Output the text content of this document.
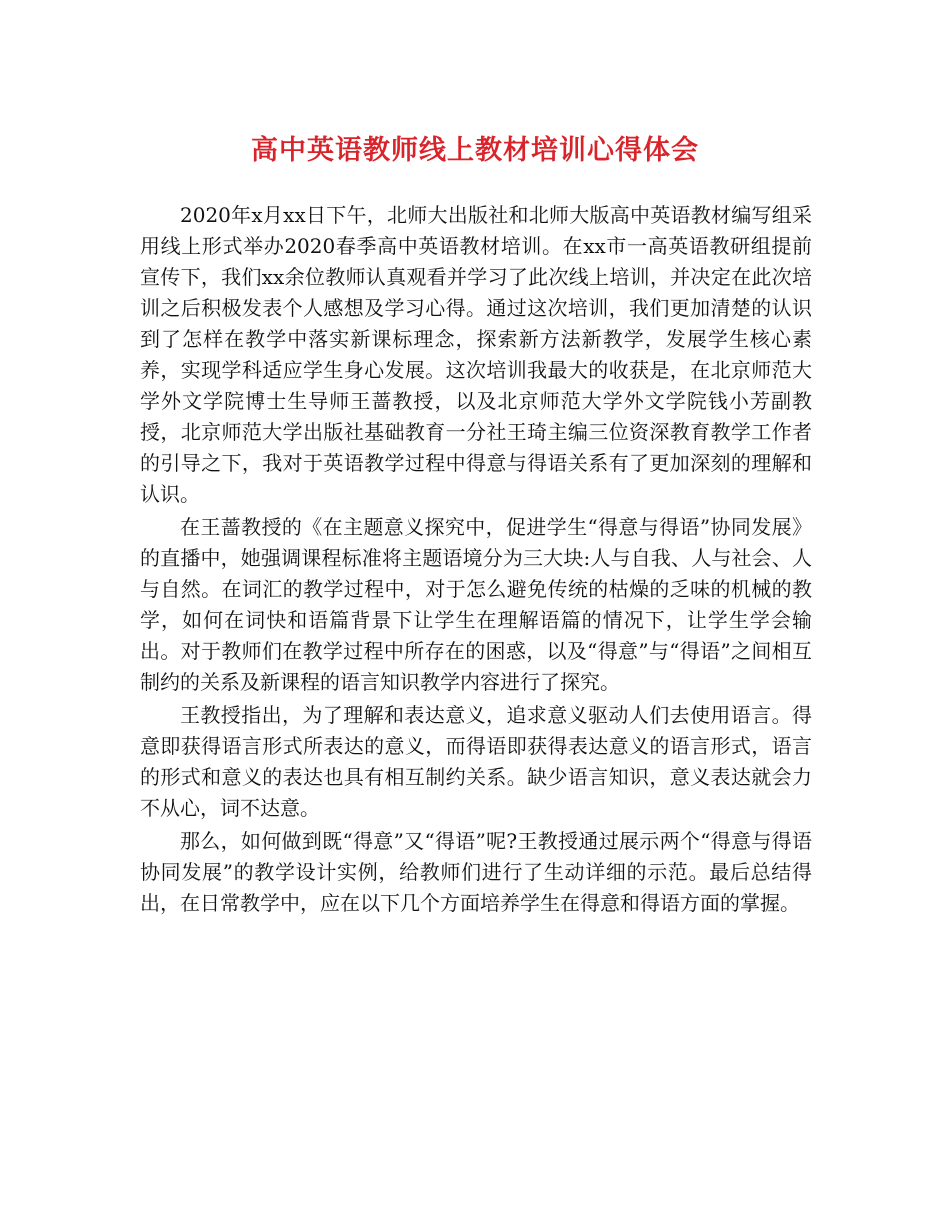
高中英语教师线上教材培训心得体会

2020年x月xx日下午，北师大出版社和北师大版高中英语教材编写组采用线上形式举办2020春季高中英语教材培训。在xx市一高英语教研组提前宣传下，我们xx余位教师认真观看并学习了此次线上培训，并决定在此次培训之后积极发表个人感想及学习心得。通过这次培训，我们更加清楚的认识到了怎样在教学中落实新课标理念，探索新方法新教学，发展学生核心素养，实现学科适应学生身心发展。这次培训我最大的收获是，在北京师范大学外文学院博士生导师王蔷教授，以及北京师范大学外文学院钱小芳副教授，北京师范大学出版社基础教育一分社王琦主编三位资深教育教学工作者的引导之下，我对于英语教学过程中得意与得语关系有了更加深刻的理解和认识。

在王蔷教授的《在主题意义探究中，促进学生“得意与得语”协同发展》的直播中，她强调课程标准将主题语境分为三大块:人与自我、人与社会、人与自然。在词汇的教学过程中，对于怎么避免传统的枯燥的乏味的机械的教学，如何在词快和语篇背景下让学生在理解语篇的情况下，让学生学会输出。对于教师们在教学过程中所存在的困惑，以及“得意”与“得语”之间相互制约的关系及新课程的语言知识教学内容进行了探究。

王教授指出，为了理解和表达意义，追求意义驱动人们去使用语言。得意即获得语言形式所表达的意义，而得语即获得表达意义的语言形式，语言的形式和意义的表达也具有相互制约关系。缺少语言知识，意义表达就会力不从心，词不达意。

那么，如何做到既“得意”又“得语”呢?王教授通过展示两个“得意与得语协同发展”的教学设计实例，给教师们进行了生动详细的示范。最后总结得出，在日常教学中，应在以下几个方面培养学生在得意和得语方面的掌握。
